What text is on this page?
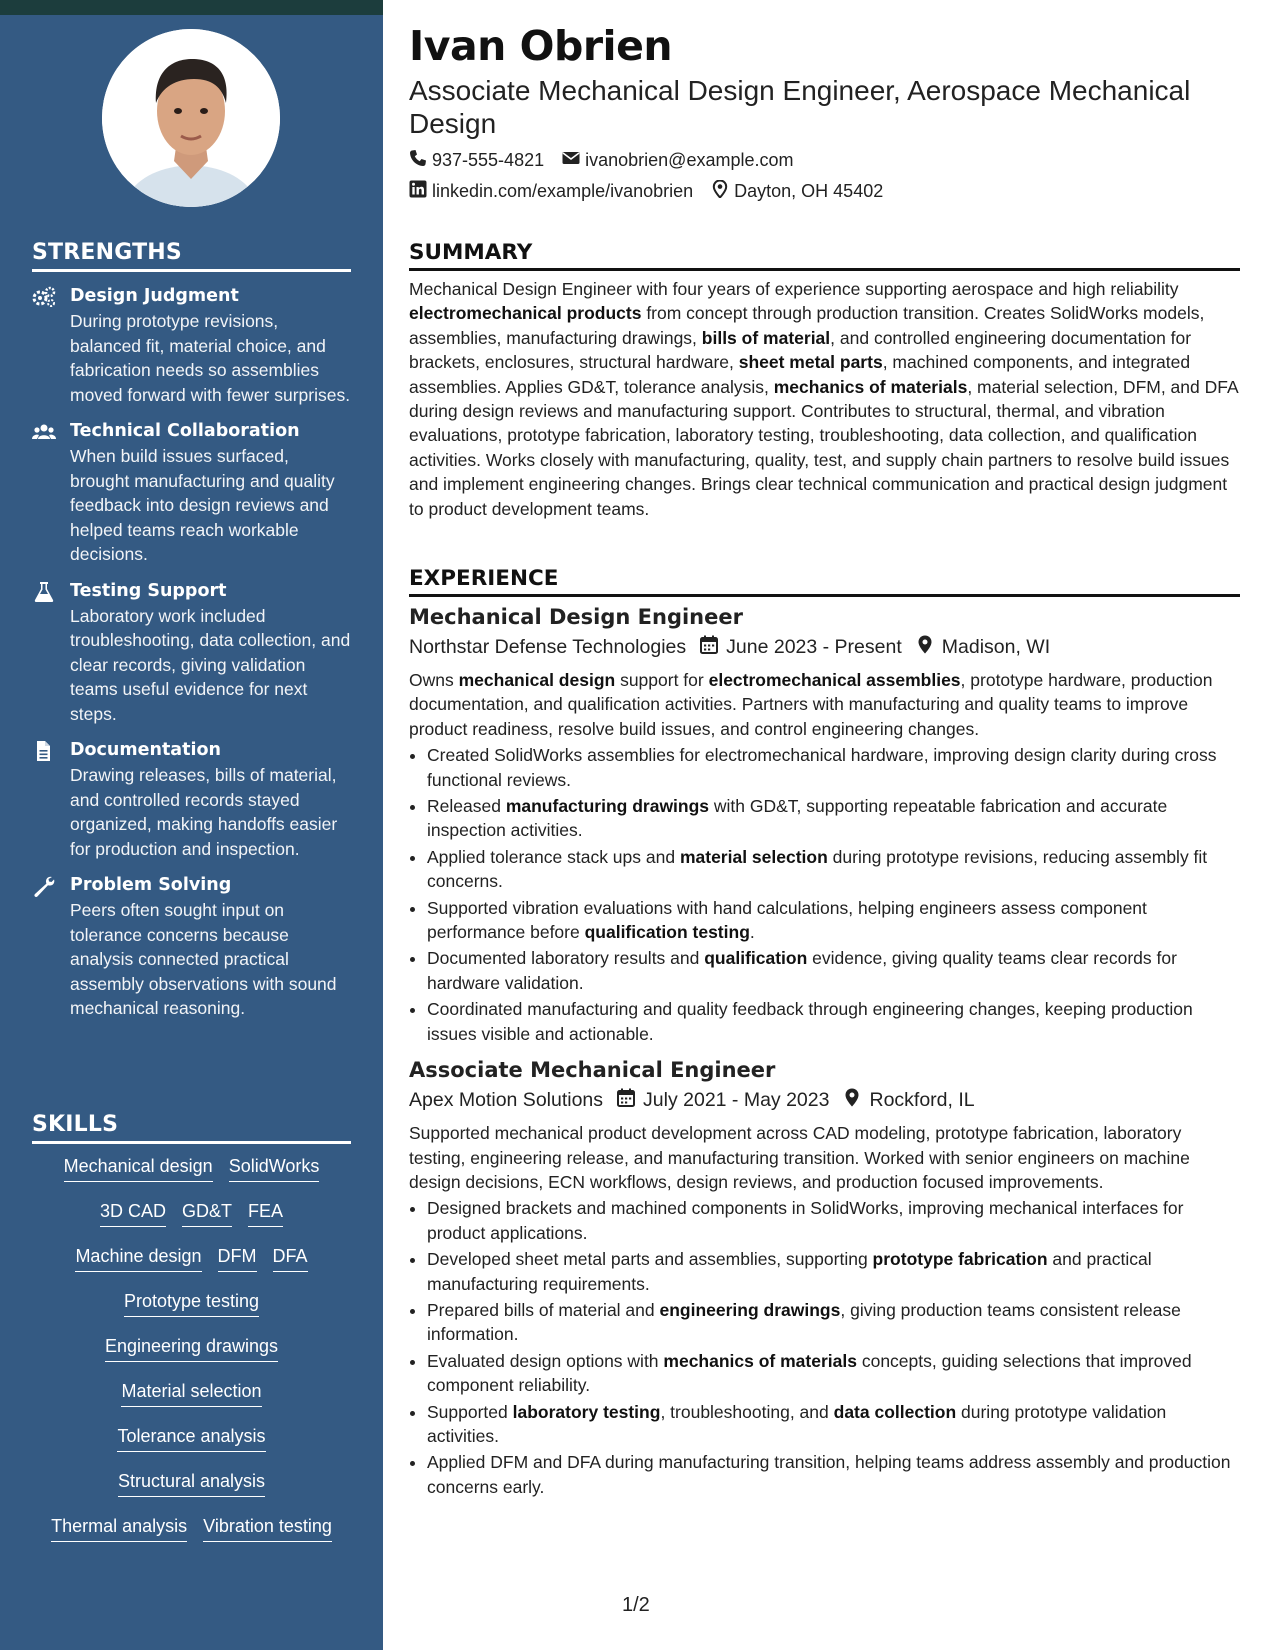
STRENGTHS
Design Judgment
During prototype revisions, balanced fit, material choice, and fabrication needs so assemblies moved forward with fewer surprises.
Technical Collaboration
When build issues surfaced, brought manufacturing and quality feedback into design reviews and helped teams reach workable decisions.
Testing Support
Laboratory work included troubleshooting, data collection, and clear records, giving validation teams useful evidence for next steps.
Documentation
Drawing releases, bills of material, and controlled records stayed organized, making handoffs easier for production and inspection.
Problem Solving
Peers often sought input on tolerance concerns because analysis connected practical assembly observations with sound mechanical reasoning.
SKILLS
Mechanical design SolidWorks
3D CAD GD&T FEA
Machine design DFM DFA
Prototype testing
Engineering drawings
Material selection
Tolerance analysis
Structural analysis
Thermal analysis Vibration testing
Ivan Obrien
Associate Mechanical Design Engineer, Aerospace Mechanical Design
937-555-4821 ivanobrien@example.com
linkedin.com/example/ivanobrien Dayton, OH 45402
SUMMARY

Mechanical Design Engineer with four years of experience supporting aerospace and high reliability electromechanical products from concept through production transition. Creates SolidWorks models, assemblies, manufacturing drawings, bills of material, and controlled engineering documentation for brackets, enclosures, structural hardware, sheet metal parts, machined components, and integrated assemblies. Applies GD&T, tolerance analysis, mechanics of materials, material selection, DFM, and DFA during design reviews and manufacturing support. Contributes to structural, thermal, and vibration evaluations, prototype fabrication, laboratory testing, troubleshooting, data collection, and qualification activities. Works closely with manufacturing, quality, test, and supply chain partners to resolve build issues and implement engineering changes. Brings clear technical communication and practical design judgment to product development teams.

EXPERIENCE
Mechanical Design Engineer
Northstar Defense Technologies June 2023 - Present Madison, WI

Owns mechanical design support for electromechanical assemblies, prototype hardware, production documentation, and qualification activities. Partners with manufacturing and quality teams to improve product readiness, resolve build issues, and control engineering changes.

• Created SolidWorks assemblies for electromechanical hardware, improving design clarity during cross functional reviews.
• Released manufacturing drawings with GD&T, supporting repeatable fabrication and accurate inspection activities.
• Applied tolerance stack ups and material selection during prototype revisions, reducing assembly fit concerns.
• Supported vibration evaluations with hand calculations, helping engineers assess component performance before qualification testing.
• Documented laboratory results and qualification evidence, giving quality teams clear records for hardware validation.
• Coordinated manufacturing and quality feedback through engineering changes, keeping production issues visible and actionable.
Associate Mechanical Engineer
Apex Motion Solutions July 2021 - May 2023 Rockford, IL

Supported mechanical product development across CAD modeling, prototype fabrication, laboratory testing, engineering release, and manufacturing transition. Worked with senior engineers on machine design decisions, ECN workflows, design reviews, and production focused improvements.

• Designed brackets and machined components in SolidWorks, improving mechanical interfaces for product applications.
• Developed sheet metal parts and assemblies, supporting prototype fabrication and practical manufacturing requirements.
• Prepared bills of material and engineering drawings, giving production teams consistent release information.
• Evaluated design options with mechanics of materials concepts, guiding selections that improved component reliability.
• Supported laboratory testing, troubleshooting, and data collection during prototype validation activities.
• Applied DFM and DFA during manufacturing transition, helping teams address assembly and production concerns early.
1/2
